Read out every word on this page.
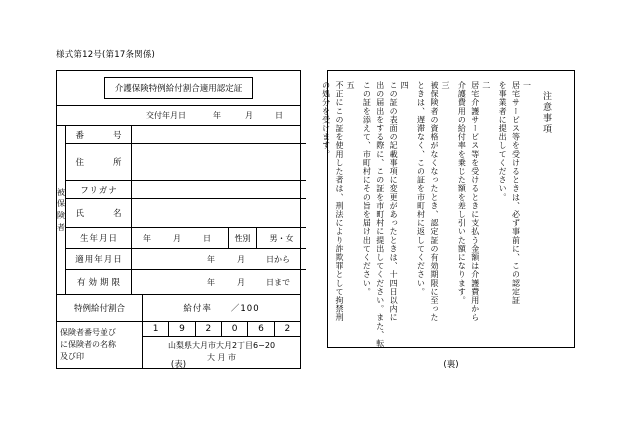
様式第12号(第17条関係)
介護保険特例給付割合適用認定証
交付年月日	年	月	日
被
保
険
者
番　　号
住　　所
フリガナ
氏　　名
生年月日	年	月	日	性別	男・女
適用年月日	年	月	日から
有効期限	年	月	日まで
特例給付割合	給付率　　／100
保険者番号並び
に保険者の名称
及び印
1	9	2	0	6	2
山梨県大月市大月2丁目6−20
大 月 市
(表)
注意事項
一
居宅サービス等を受けるときは、必ず事前に、この認定証
を事業者に提出してください。
二
居宅介護サービス等を受けるときに支払う金額は介護費用から
介護費用の給付率を乗じた額を差し引いた額になります。
三
被保険者の資格がなくなったとき、認定証の有効期限に至った
ときは、遅滞なく、この証を市町村に返してください。
四
この証の表面の記載事項に変更があったときは、十四日以内に
出の届出をする際に、この証を市町村に提出してください。また、転
この証を添えて、市町村にその旨を届け出てください。
五
不正にこの証を使用した者は、刑法により詐欺罪として拘禁刑
の処分を受けます。
(裏)
